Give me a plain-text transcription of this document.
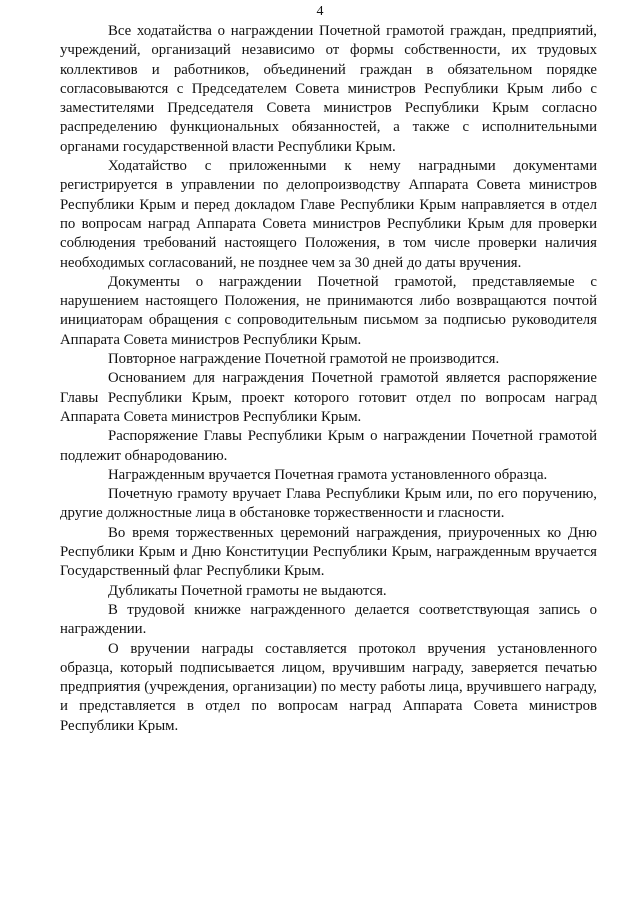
4

Все ходатайства о награждении Почетной грамотой граждан, предприятий, учреждений, организаций независимо от формы собственности, их трудовых коллективов и работников, объединений граждан в обязательном порядке согласовываются с Председателем Совета министров Республики Крым либо с заместителями Председателя Совета министров Республики Крым согласно распределению функциональных обязанностей, а также с исполнительными органами государственной власти Республики Крым.

Ходатайство с приложенными к нему наградными документами регистрируется в управлении по делопроизводству Аппарата Совета министров Республики Крым и перед докладом Главе Республики Крым направляется в отдел по вопросам наград Аппарата Совета министров Республики Крым для проверки соблюдения требований настоящего Положения, в том числе проверки наличия необходимых согласований, не позднее чем за 30 дней до даты вручения.

Документы о награждении Почетной грамотой, представляемые с нарушением настоящего Положения, не принимаются либо возвращаются почтой инициаторам обращения с сопроводительным письмом за подписью руководителя Аппарата Совета министров Республики Крым.

Повторное награждение Почетной грамотой не производится.

Основанием для награждения Почетной грамотой является распоряжение Главы Республики Крым, проект которого готовит отдел по вопросам наград Аппарата Совета министров Республики Крым.

Распоряжение Главы Республики Крым о награждении Почетной грамотой подлежит обнародованию.

Награжденным вручается Почетная грамота установленного образца.

Почетную грамоту вручает Глава Республики Крым или, по его поручению, другие должностные лица в обстановке торжественности и гласности.

Во время торжественных церемоний награждения, приуроченных ко Дню Республики Крым и Дню Конституции Республики Крым, награжденным вручается Государственный флаг Республики Крым.

Дубликаты Почетной грамоты не выдаются.

В трудовой книжке награжденного делается соответствующая запись о награждении.

О вручении награды составляется протокол вручения установленного образца, который подписывается лицом, вручившим награду, заверяется печатью предприятия (учреждения, организации) по месту работы лица, вручившего награду, и представляется в отдел по вопросам наград Аппарата Совета министров Республики Крым.
